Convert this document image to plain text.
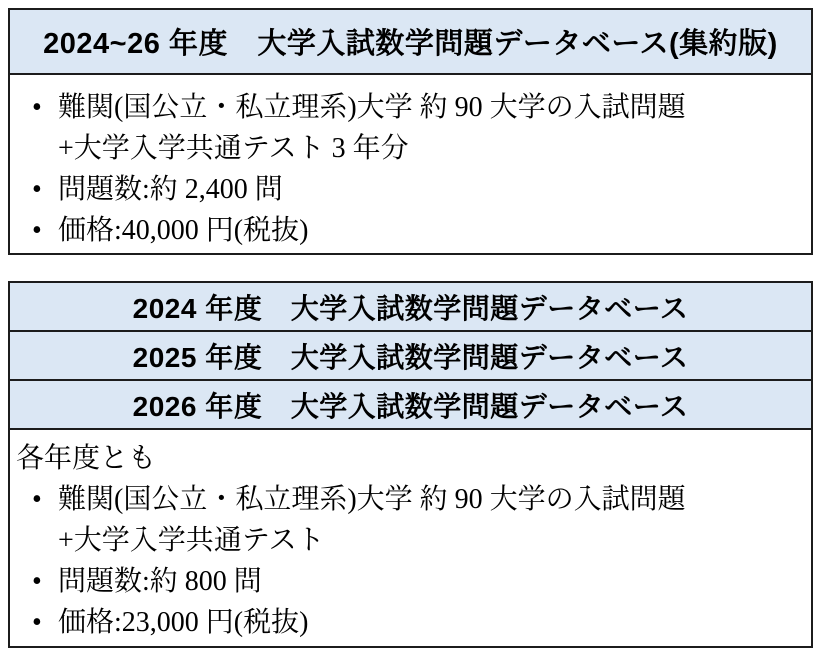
2024~26 年度　大学入試数学問題データベース(集約版)
• 難関(国公立・私立理系)大学 約 90 大学の入試問題
+大学入学共通テスト 3 年分
• 問題数:約 2,400 問
• 価格:40,000 円(税抜)
2024 年度　大学入試数学問題データベース
2025 年度　大学入試数学問題データベース
2026 年度　大学入試数学問題データベース
各年度とも
• 難関(国公立・私立理系)大学 約 90 大学の入試問題
+大学入学共通テスト
• 問題数:約 800 問
• 価格:23,000 円(税抜)
